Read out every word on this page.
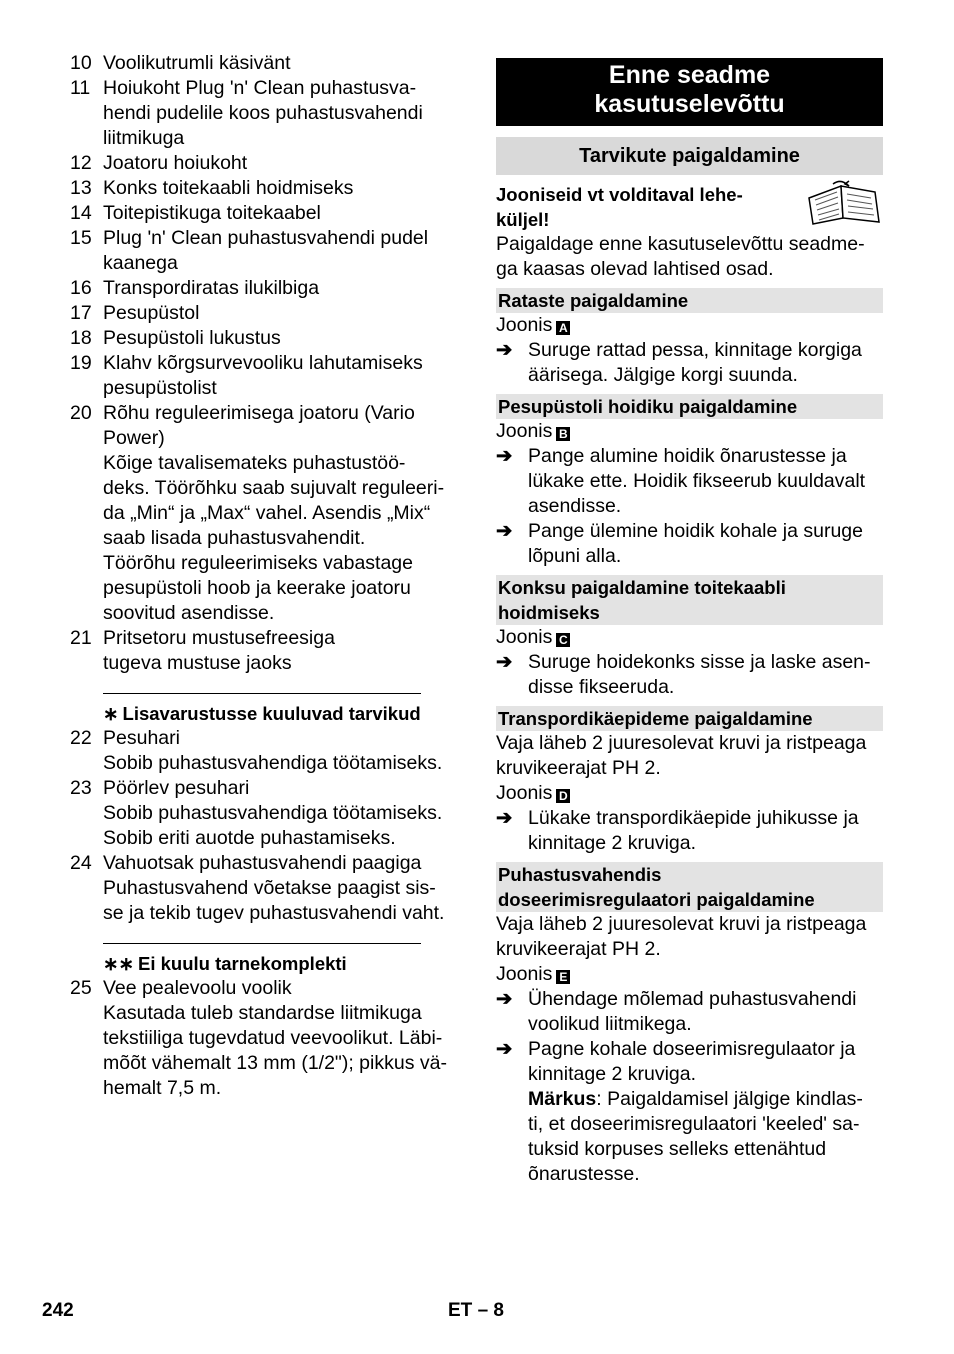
10 Voolikutrumli käsivänt
11 Hoiukoht Plug 'n' Clean puhastusva-
hendi pudelile koos puhastusvahendi
liitmikuga
12 Joatoru hoiukoht
13 Konks toitekaabli hoidmiseks
14 Toitepistikuga toitekaabel
15 Plug 'n' Clean puhastusvahendi pudel
kaanega
16 Transpordiratas ilukilbiga
17 Pesupüstol
18 Pesupüstoli lukustus
19 Klahv kõrgsurvevooliku lahutamiseks
pesupüstolist
20 Rõhu reguleerimisega joatoru (Vario
Power)
Kõige tavalisemateks puhastustöö-
deks. Töörõhku saab sujuvalt reguleeri-
da „Min“ ja „Max“ vahel. Asendis „Mix“
saab lisada puhastusvahendit.
Töörõhu reguleerimiseks vabastage
pesupüstoli hoob ja keerake joatoru
soovitud asendisse.
21 Pritsetoru mustusefreesiga
tugeva mustuse jaoks
∗ Lisavarustusse kuuluvad tarvikud
22 Pesuhari
Sobib puhastusvahendiga töötamiseks.
23 Pöörlev pesuhari
Sobib puhastusvahendiga töötamiseks.
Sobib eriti auotde puhastamiseks.
24 Vahuotsak puhastusvahendi paagiga
Puhastusvahend võetakse paagist sis-
se ja tekib tugev puhastusvahendi vaht.
∗∗ Ei kuulu tarnekomplekti
25 Vee pealevoolu voolik
Kasutada tuleb standardse liitmikuga
tekstiiliga tugevdatud veevoolikut. Läbi-
mõõt vähemalt 13 mm (1/2"); pikkus vä-
hemalt 7,5 m.
Enne seadme
kasutuselevõttu
Tarvikute paigaldamine
Jooniseid vt volditaval lehe-
küljel!
Paigaldage enne kasutuselevõttu seadme-
ga kaasas olevad lahtised osad.
Rataste paigaldamine
Joonis A
➔ Suruge rattad pessa, kinnitage korgiga
äärisega. Jälgige korgi suunda.
Pesupüstoli hoidiku paigaldamine
Joonis B
➔ Pange alumine hoidik õnarustesse ja
lükake ette. Hoidik fikseerub kuuldavalt
asendisse.
➔ Pange ülemine hoidik kohale ja suruge
lõpuni alla.
Konksu paigaldamine toitekaabli
hoidmiseks
Joonis C
➔ Suruge hoidekonks sisse ja laske asen-
disse fikseeruda.
Transpordikäepideme paigaldamine
Vaja läheb 2 juuresolevat kruvi ja ristpeaga
kruvikeerajat PH 2.
Joonis D
➔ Lükake transpordikäepide juhikusse ja
kinnitage 2 kruviga.
Puhastusvahendis
doseerimisregulaatori paigaldamine
Vaja läheb 2 juuresolevat kruvi ja ristpeaga
kruvikeerajat PH 2.
Joonis E
➔ Ühendage mõlemad puhastusvahendi
voolikud liitmikega.
➔ Pagne kohale doseerimisregulaator ja
kinnitage 2 kruviga.
Märkus: Paigaldamisel jälgige kindlas-
ti, et doseerimisregulaatori 'keeled' sa-
tuksid korpuses selleks ettenähtud
õnarustesse.
242	ET – 8
